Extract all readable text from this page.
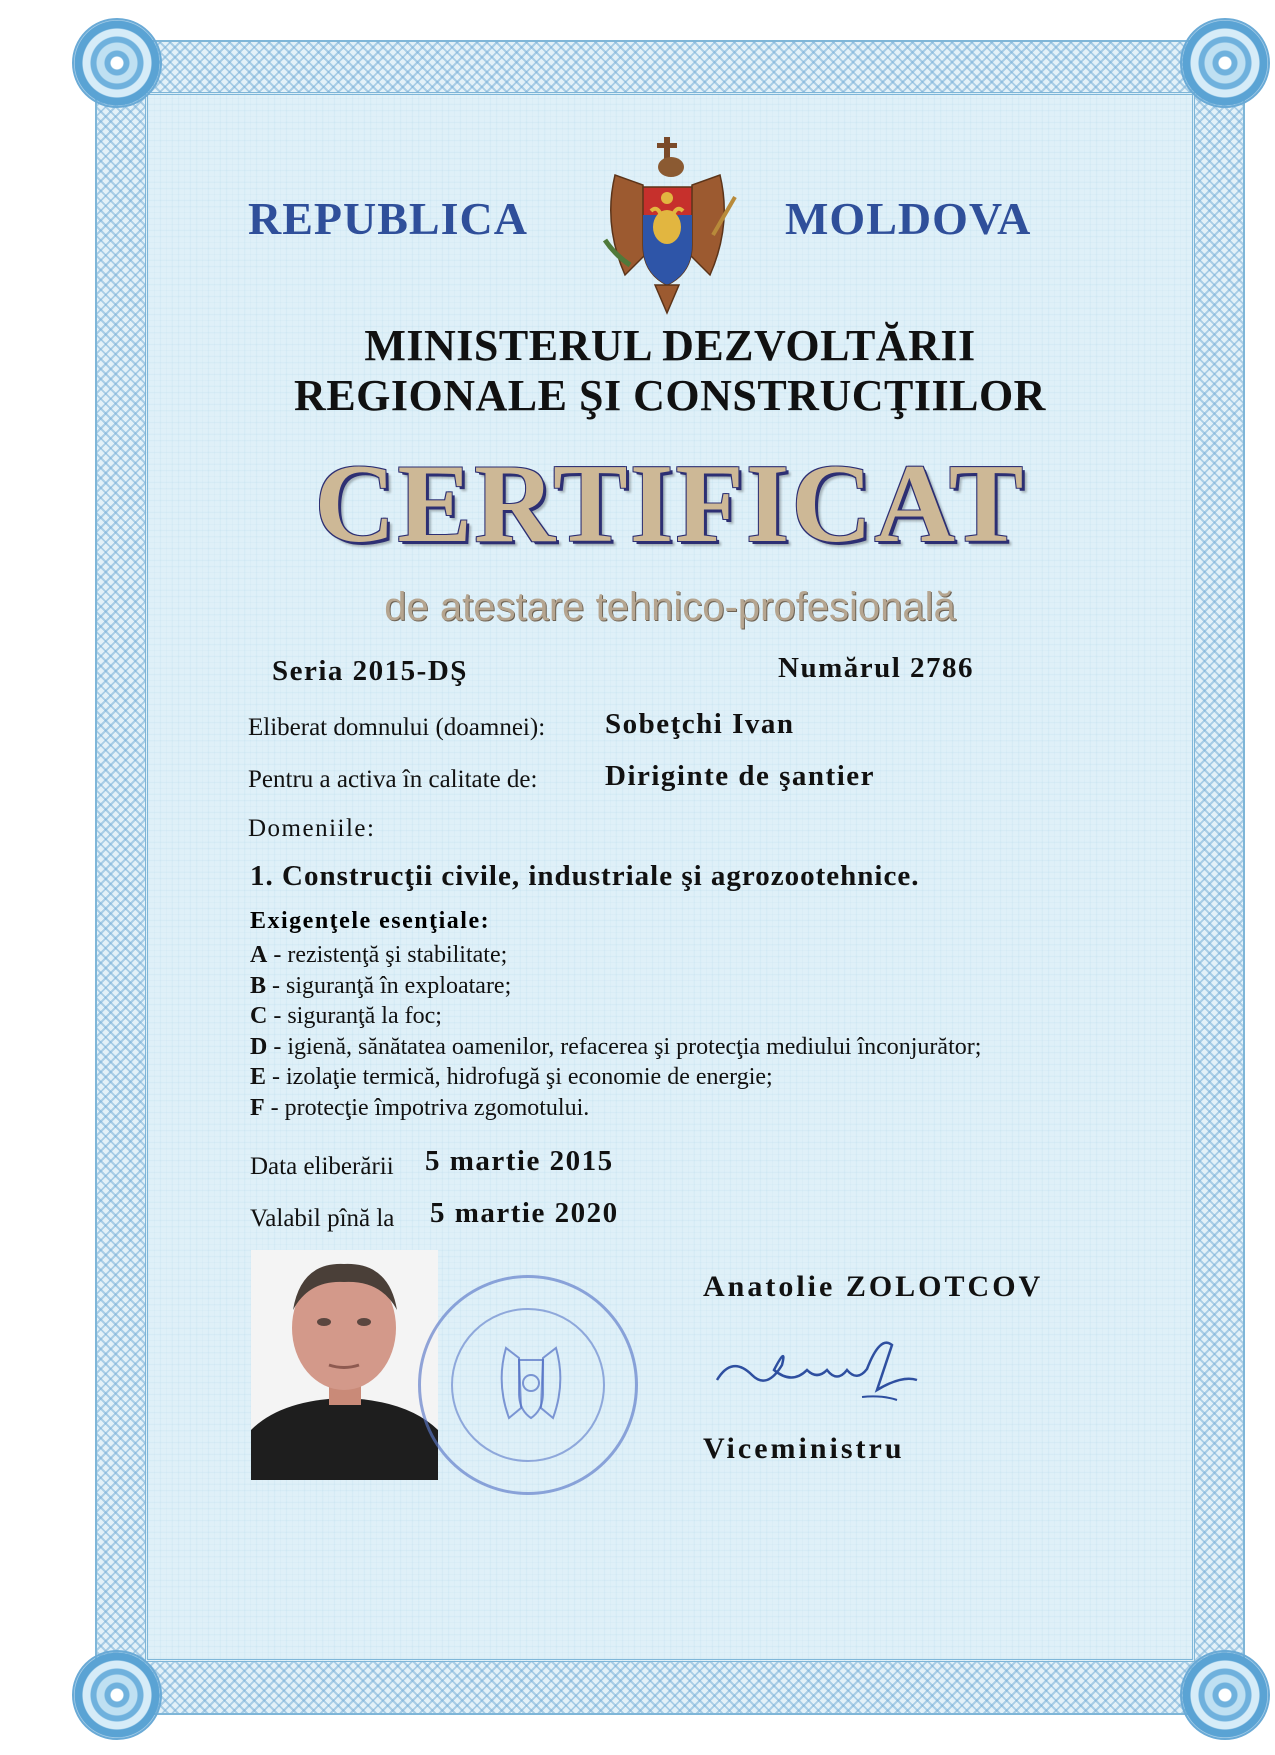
REPUBLICA	MOLDOVA
MINISTERUL DEZVOLTĂRII
REGIONALE ŞI CONSTRUCŢIILOR
CERTIFICAT
de atestare tehnico-profesională
Seria 2015-DŞ	Numărul 2786
Eliberat domnului (doamnei): Sobeţchi Ivan
Pentru a activa în calitate de: Diriginte de şantier
Domeniile:
1. Construcţii civile, industriale şi agrozootehnice.
Exigenţele esenţiale:
A - rezistenţă şi stabilitate;
B - siguranţă în exploatare;
C - siguranţă la foc;
D - igienă, sănătatea oamenilor, refacerea şi protecţia mediului înconjurător;
E - izolaţie termică, hidrofugă şi economie de energie;
F - protecţie împotriva zgomotului.
Data eliberării 5 martie 2015
Valabil pînă la 5 martie 2020
Anatolie ZOLOTCOV
Viceministru
